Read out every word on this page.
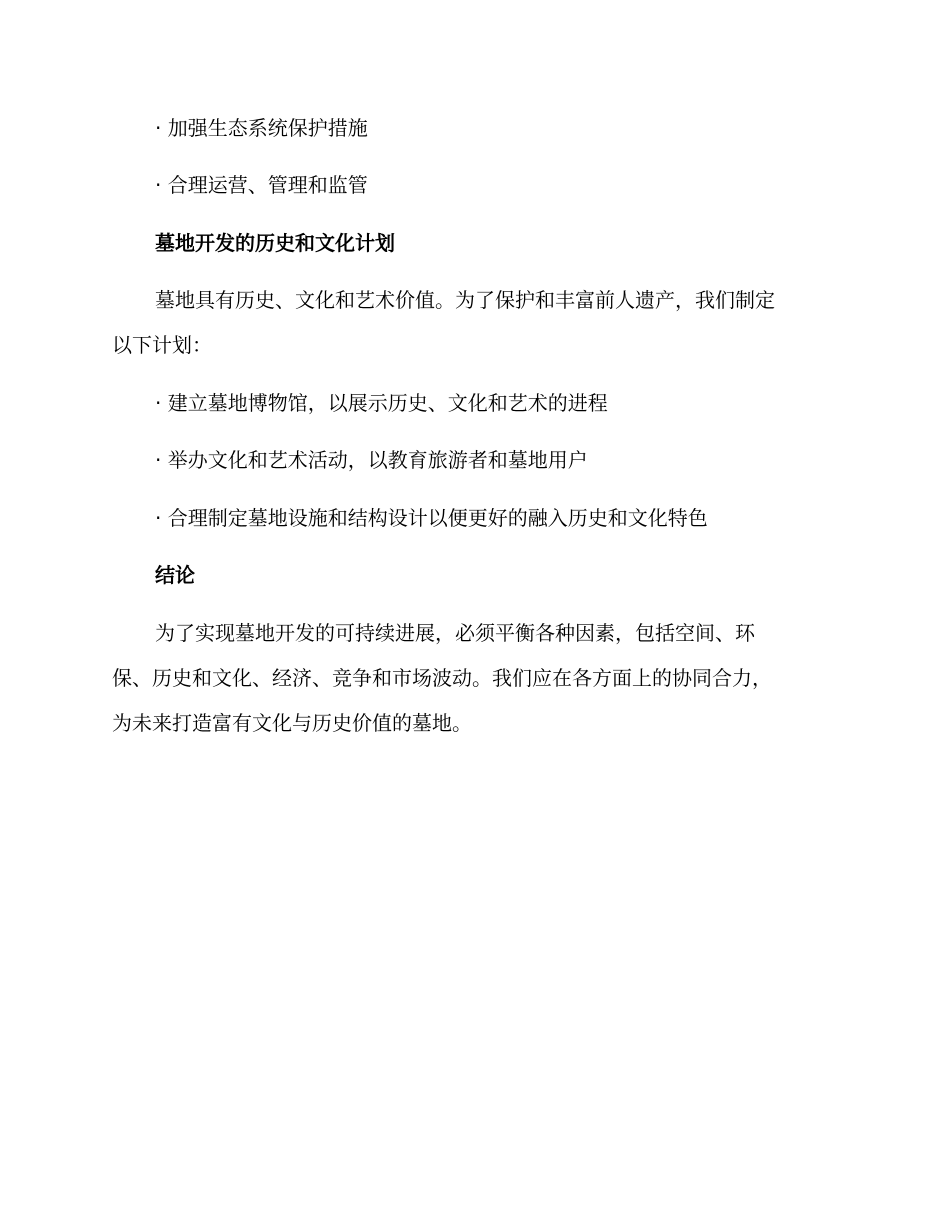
· 加强生态系统保护措施
· 合理运营、管理和监管
墓地开发的历史和文化计划
墓地具有历史、文化和艺术价值。为了保护和丰富前人遗产，我们制定
以下计划：
· 建立墓地博物馆，以展示历史、文化和艺术的进程
· 举办文化和艺术活动，以教育旅游者和墓地用户
· 合理制定墓地设施和结构设计以便更好的融入历史和文化特色
结论
为了实现墓地开发的可持续进展，必须平衡各种因素，包括空间、环
保、历史和文化、经济、竞争和市场波动。我们应在各方面上的协同合力，
为未来打造富有文化与历史价值的墓地。
